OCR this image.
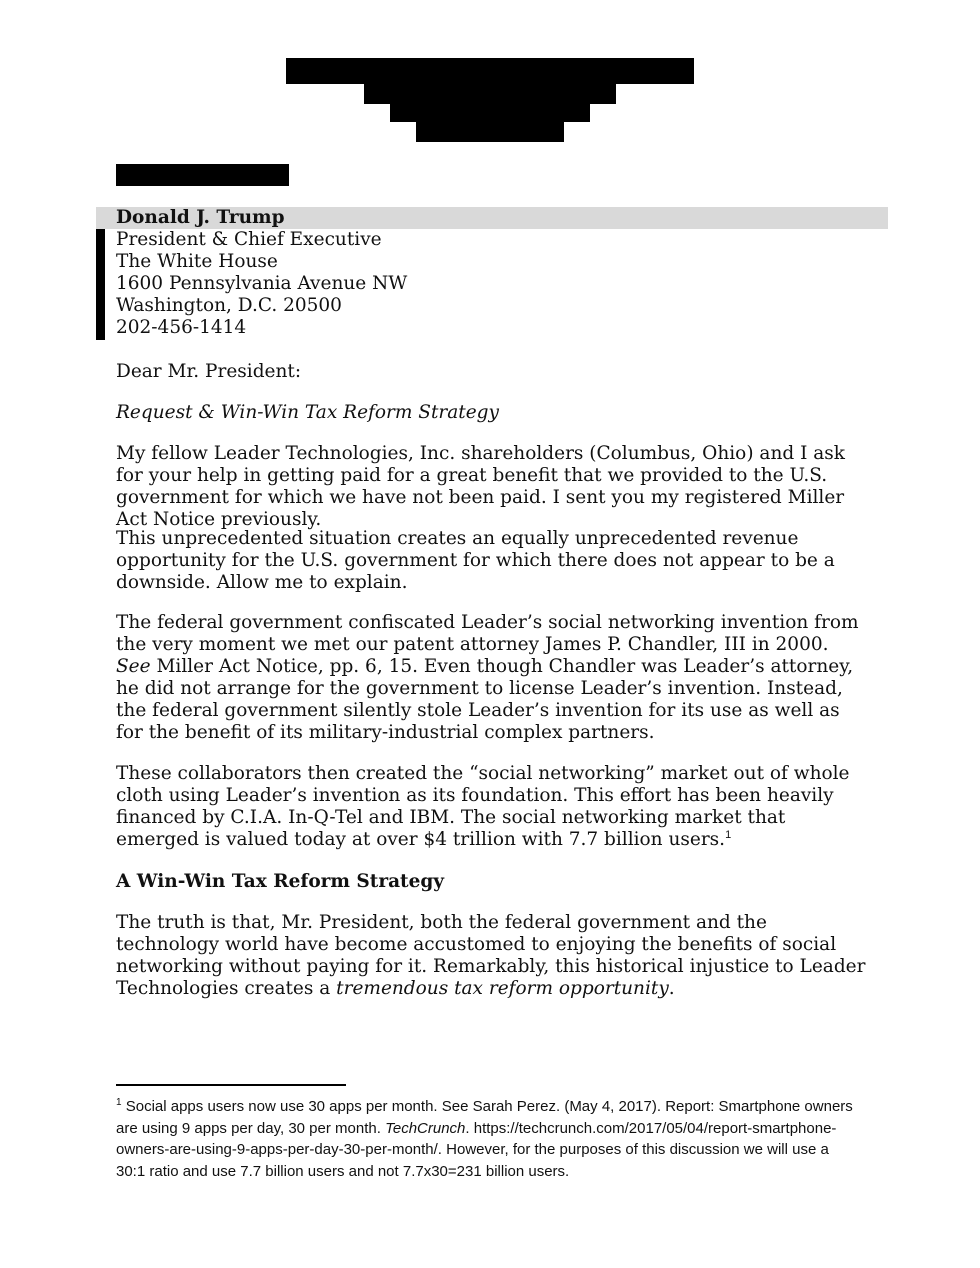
Donald J. Trump
President & Chief Executive
The White House
1600 Pennsylvania Avenue NW
Washington, D.C. 20500
202-456-1414

Dear Mr. President:

Request & Win-Win Tax Reform Strategy

My fellow Leader Technologies, Inc. shareholders (Columbus, Ohio) and I ask for your help in getting paid for a great benefit that we provided to the U.S. government for which we have not been paid. I sent you my registered Miller Act Notice previously.

This unprecedented situation creates an equally unprecedented revenue opportunity for the U.S. government for which there does not appear to be a downside. Allow me to explain.

The federal government confiscated Leader’s social networking invention from the very moment we met our patent attorney James P. Chandler, III in 2000. See Miller Act Notice, pp. 6, 15. Even though Chandler was Leader’s attorney, he did not arrange for the government to license Leader’s invention. Instead, the federal government silently stole Leader’s invention for its use as well as for the benefit of its military-industrial complex partners.

These collaborators then created the “social networking” market out of whole cloth using Leader’s invention as its foundation. This effort has been heavily financed by C.I.A. In-Q-Tel and IBM. The social networking market that emerged is valued today at over $4 trillion with 7.7 billion users.$^1$

A Win-Win Tax Reform Strategy

The truth is that, Mr. President, both the federal government and the technology world have become accustomed to enjoying the benefits of social networking without paying for it. Remarkably, this historical injustice to Leader Technologies creates a tremendous tax reform opportunity.

$^1$ Social apps users now use 30 apps per month. See Sarah Perez. (May 4, 2017). Report: Smartphone owners are using 9 apps per day, 30 per month. TechCrunch. https://techcrunch.com/2017/05/04/report-smartphone-owners-are-using-9-apps-per-day-30-per-month/. However, for the purposes of this discussion we will use a 30:1 ratio and use 7.7 billion users and not 7.7x30=231 billion users.
